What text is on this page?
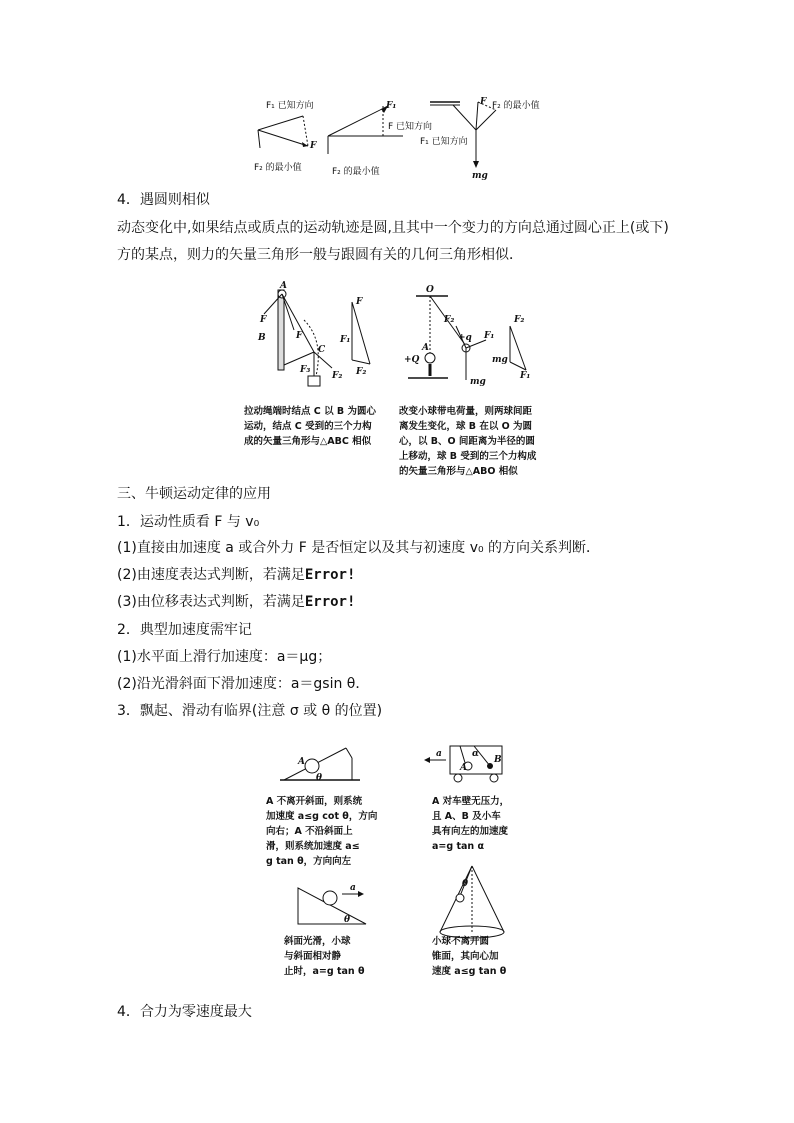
F₁ 已知方向
F
F₂ 的最小值
F₁
F 已知方向
F₂ 的最小值
F F₂ 的最小值
F₁ 已知方向
mg
4．遇圆则相似
动态变化中,如果结点或质点的运动轨迹是圆,且其中一个变力的方向总通过圆心正上(或下)
方的某点，则力的矢量三角形一般与跟圆有关的几何三角形相似．
A
F
F
B
C
F₃
F₂
F
F₁
F₂
O
F₂
+q F₁
A
+Q
mg
F₂
mg
F₁
拉动绳端时结点 C 以 B 为圆心
运动，结点 C 受到的三个力构
成的矢量三角形与△ABC 相似
改变小球带电荷量，则两球间距
离发生变化，球 B 在以 O 为圆
心，以 B、O 间距离为半径的圆
上移动，球 B 受到的三个力构成
的矢量三角形与△ABO 相似
三、牛顿运动定律的应用
1．运动性质看 F 与 v₀
(1)直接由加速度 a 或合外力 F 是否恒定以及其与初速度 v₀ 的方向关系判断．
(2)由速度表达式判断，若满足Error!
(3)由位移表达式判断，若满足Error!
2．典型加速度需牢记
(1)水平面上滑行加速度：a＝μg；
(2)沿光滑斜面下滑加速度：a＝gsin θ．
3．飘起、滑动有临界(注意 σ 或 θ 的位置)
A
θ
a	α
A
B
a
θ
θ
A 不离开斜面，则系统
加速度 a≤g cot θ，方向
向右；A 不沿斜面上
滑，则系统加速度 a≤
g tan θ，方向向左
A 对车壁无压力，
且 A、B 及小车
具有向左的加速度
a=g tan α
斜面光滑，小球
与斜面相对静
止时，a=g tan θ
小球不离开圆
锥面，其向心加
速度 a≤g tan θ
4．合力为零速度最大
